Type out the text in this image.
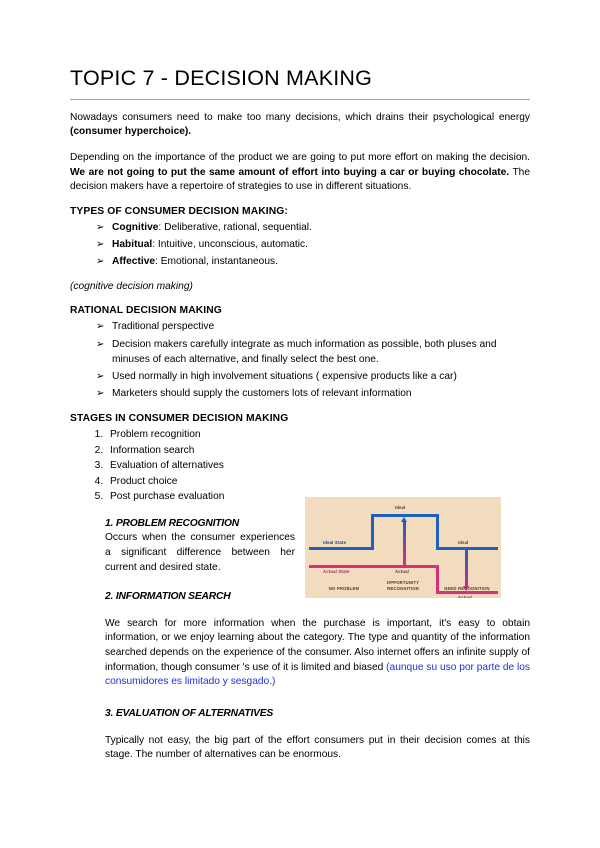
TOPIC 7 - DECISION MAKING

Nowadays consumers need to make too many decisions, which drains their psychological energy (consumer hyperchoice).

Depending on the importance of the product we are going to put more effort on making the decision. We are not going to put the same amount of effort into buying a car or buying chocolate. The decision makers have a repertoire of strategies to use in different situations.

TYPES OF CONSUMER DECISION MAKING:
➢ Cognitive: Deliberative, rational, sequential.
➢ Habitual: Intuitive, unconscious, automatic.
➢ Affective: Emotional, instantaneous.
(cognitive decision making)
RATIONAL DECISION MAKING
➢ Traditional perspective
➢ Decision makers carefully integrate as much information as possible, both pluses and minuses of each alternative, and finally select the best one.
➢ Used normally in high involvement situations ( expensive products like a car)
➢ Marketers should supply the customers lots of relevant information
STAGES IN CONSUMER DECISION MAKING
1. Problem recognition
2. Information search
3. Evaluation of alternatives
4. Product choice
5. Post purchase evaluation
1. PROBLEM RECOGNITION

Occurs when the consumer experiences a significant difference between her current and desired state.

2. INFORMATION SEARCH

We search for more information when the purchase is important, it's easy to obtain information, or we enjoy learning about the category. The type and quantity of the information searched depends on the experience of the consumer. Also internet offers an infinite supply of information, though consumer 's use of it is limited and biased (aunque su uso por parte de los consumidores es limitado y sesgado.)

3. EVALUATION OF ALTERNATIVES

Typically not easy, the big part of the effort consumers put in their decision comes at this stage. The number of alternatives can be enormous.

Ideal State
Actual State
Ideal
Actual
Ideal
Actual
NO PROBLEM
OPPORTUNITY RECOGNITION	NEED RECOGNITION
